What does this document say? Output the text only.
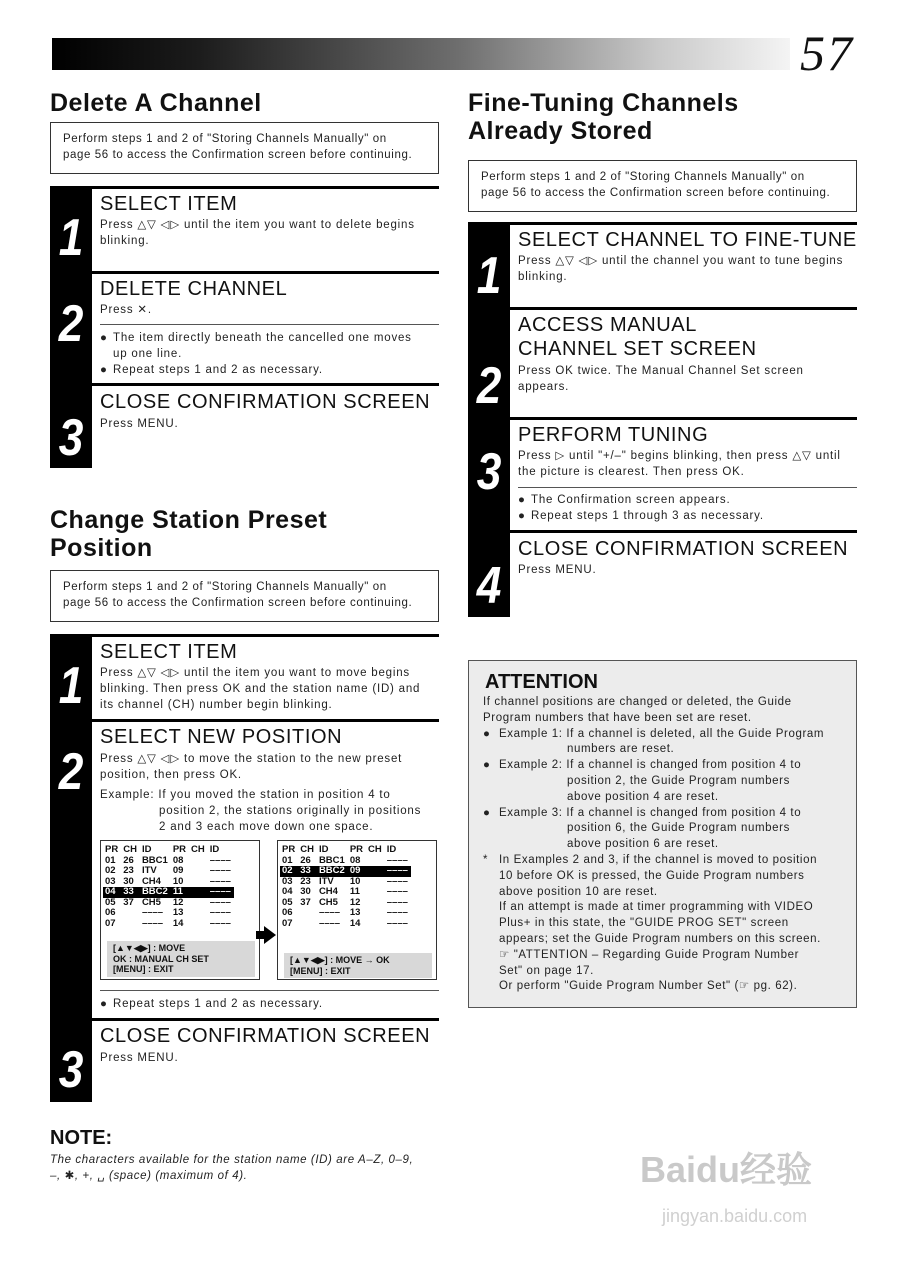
57
Delete A Channel
Perform steps 1 and 2 of "Storing Channels Manually" on
page 56 to access the Confirmation screen before continuing.
1
2
3
SELECT ITEM
Press △▽ ◁▷ until the item you want to delete begins
blinking.
DELETE CHANNEL
Press ✕.
● The item directly beneath the cancelled one moves
up one line.
● Repeat steps 1 and 2 as necessary.
CLOSE CONFIRMATION SCREEN
Press MENU.
Change Station Preset
Position
Perform steps 1 and 2 of "Storing Channels Manually" on
page 56 to access the Confirmation screen before continuing.
1
2
3
SELECT ITEM
Press △▽ ◁▷ until the item you want to move begins
blinking. Then press OK and the station name (ID) and
its channel (CH) number begin blinking.
SELECT NEW POSITION
Press △▽ ◁▷ to move the station to the new preset
position, then press OK.
Example: If you moved the station in position 4 to
position 2, the stations originally in positions
2 and 3 each move down one space.
PR	CH	ID	PR	CH	ID
01	26	BBC1	08		––––
02	23	ITV	09		––––
03	30	CH4	10		––––
04	33	BBC2	11		––––
05	37	CH5	12		––––
06		––––	13		––––
07		––––	14		––––
[▲▼◀▶] : MOVE
OK : MANUAL CH SET
[MENU] : EXIT
PR	CH	ID	PR	CH	ID
01	26	BBC1	08		––––
02	33	BBC2	09		––––
03	23	ITV	10		––––
04	30	CH4	11		––––
05	37	CH5	12		––––
06		––––	13		––––
07		––––	14		––––
[▲▼◀▶] : MOVE → OK
[MENU] : EXIT
● Repeat steps 1 and 2 as necessary.
CLOSE CONFIRMATION SCREEN
Press MENU.
NOTE:
The characters available for the station name (ID) are A–Z, 0–9,
–, ✱, +, ␣ (space) (maximum of 4).
Fine-Tuning Channels
Already Stored
Perform steps 1 and 2 of "Storing Channels Manually" on
page 56 to access the Confirmation screen before continuing.
1
2
3
4
SELECT CHANNEL TO FINE-TUNE
Press △▽ ◁▷ until the channel you want to tune begins
blinking.
ACCESS MANUAL
CHANNEL SET SCREEN
Press OK twice. The Manual Channel Set screen
appears.
PERFORM TUNING
Press ▷ until "+/–" begins blinking, then press △▽ until
the picture is clearest. Then press OK.
● The Confirmation screen appears.
● Repeat steps 1 through 3 as necessary.
CLOSE CONFIRMATION SCREEN
Press MENU.
ATTENTION
If channel positions are changed or deleted, the Guide
Program numbers that have been set are reset.
● Example 1: If a channel is deleted, all the Guide Program
numbers are reset.
● Example 2: If a channel is changed from position 4 to
position 2, the Guide Program numbers
above position 4 are reset.
● Example 3: If a channel is changed from position 4 to
position 6, the Guide Program numbers
above position 6 are reset.
* In Examples 2 and 3, if the channel is moved to position
10 before OK is pressed, the Guide Program numbers
above position 10 are reset.
If an attempt is made at timer programming with VIDEO
Plus+ in this state, the "GUIDE PROG SET" screen
appears; set the Guide Program numbers on this screen.
☞ "ATTENTION – Regarding Guide Program Number
Set" on page 17.
Or perform "Guide Program Number Set" (☞ pg. 62).
Baidu经验
jingyan.baidu.com
